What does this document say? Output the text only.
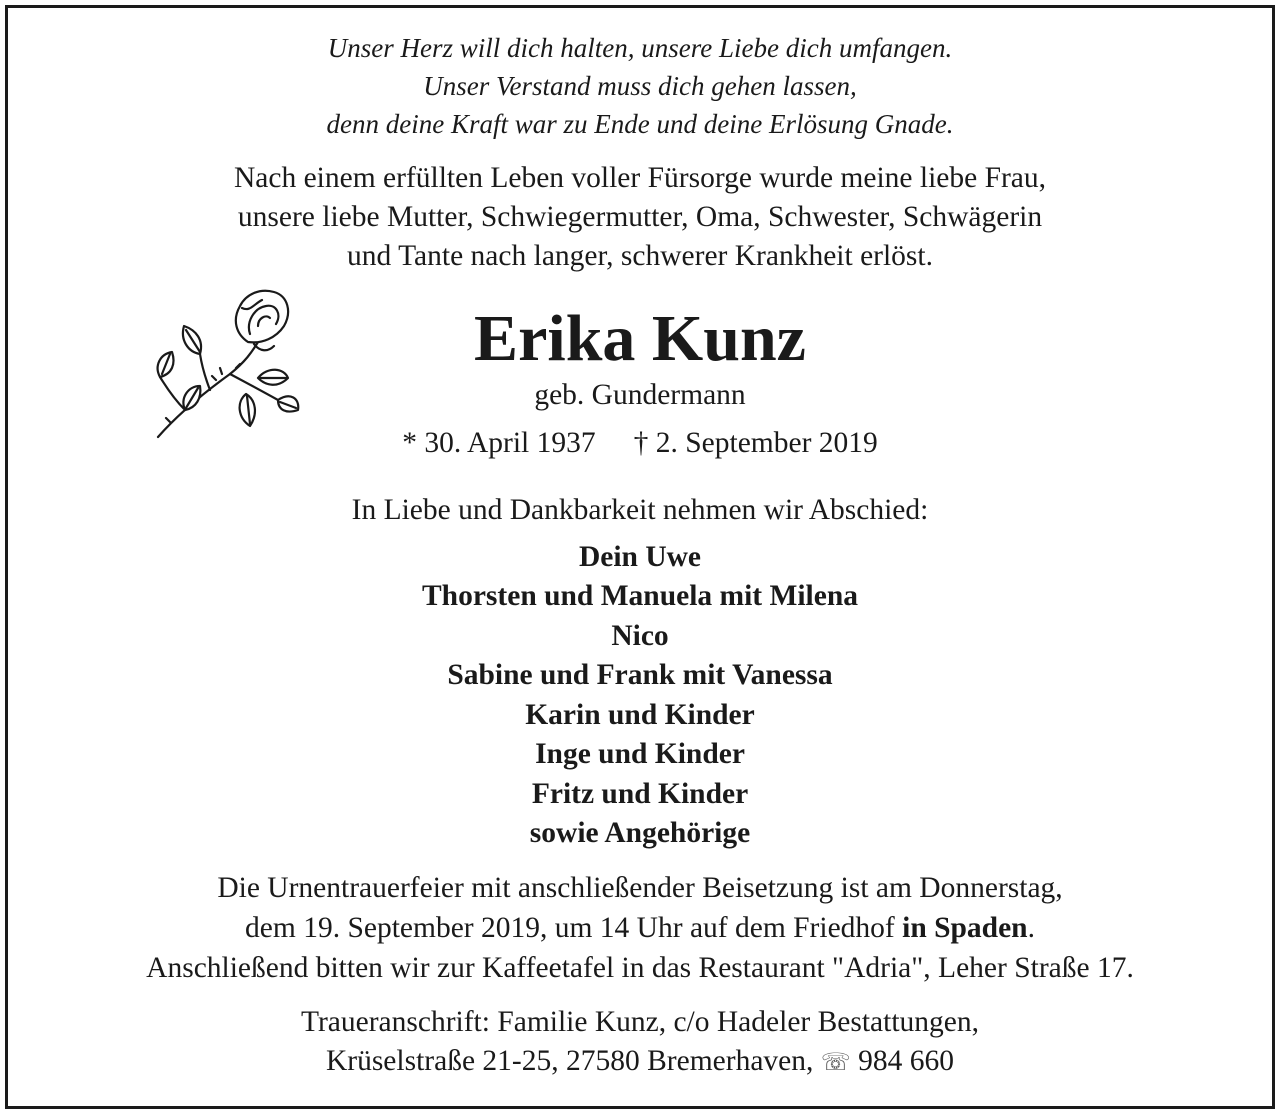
Unser Herz will dich halten, unsere Liebe dich umfangen.
Unser Verstand muss dich gehen lassen,
denn deine Kraft war zu Ende und deine Erlösung Gnade.
Nach einem erfüllten Leben voller Fürsorge wurde meine liebe Frau,
unsere liebe Mutter, Schwiegermutter, Oma, Schwester, Schwägerin
und Tante nach langer, schwerer Krankheit erlöst.
Erika Kunz
geb. Gundermann
* 30. April 1937 † 2. September 2019
In Liebe und Dankbarkeit nehmen wir Abschied:
Dein Uwe
Thorsten und Manuela mit Milena
Nico
Sabine und Frank mit Vanessa
Karin und Kinder
Inge und Kinder
Fritz und Kinder
sowie Angehörige
Die Urnentrauerfeier mit anschließender Beisetzung ist am Donnerstag,
dem 19. September 2019, um 14 Uhr auf dem Friedhof in Spaden.
Anschließend bitten wir zur Kaffeetafel in das Restaurant "Adria", Leher Straße 17.
Traueranschrift: Familie Kunz, c/o Hadeler Bestattungen,
Krüselstraße 21-25, 27580 Bremerhaven, ☏ 984 660
